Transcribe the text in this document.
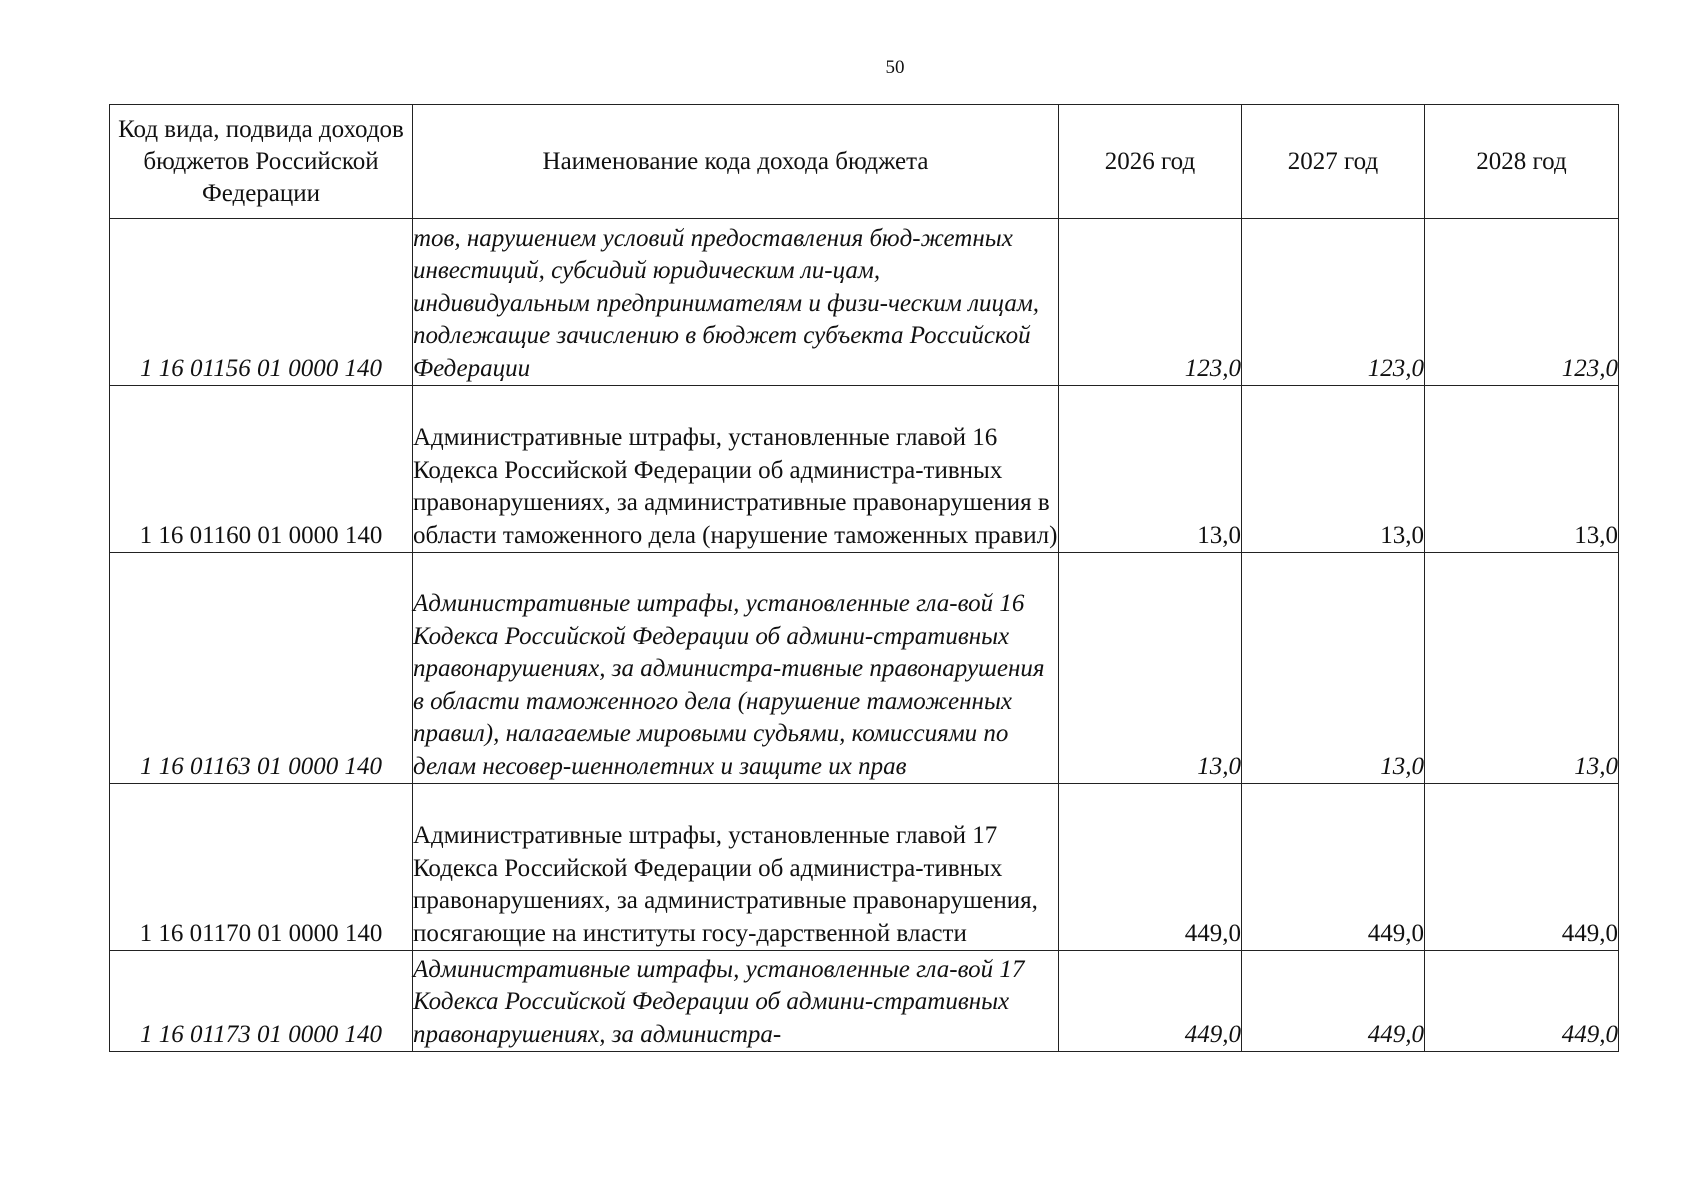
50
Код вида, подвида доходов бюджетов Российской Федерации	Наименование кода дохода бюджета	2026 год	2027 год	2028 год
1 16 01156 01 0000 140	тов, нарушением условий предоставления бюд-жетных инвестиций, субсидий юридическим ли-цам, индивидуальным предпринимателям и физи-ческим лицам, подлежащие зачислению в бюджет субъекта Российской Федерации	123,0	123,0	123,0
1 16 01160 01 0000 140	Административные штрафы, установленные главой 16 Кодекса Российской Федерации об администра-тивных правонарушениях, за административные правонарушения в области таможенного дела (нарушение таможенных правил)	13,0	13,0	13,0
1 16 01163 01 0000 140	Административные штрафы, установленные гла-вой 16 Кодекса Российской Федерации об админи-стративных правонарушениях, за администра-тивные правонарушения в области таможенного дела (нарушение таможенных правил), налагаемые мировыми судьями, комиссиями по делам несовер-шеннолетних и защите их прав	13,0	13,0	13,0
1 16 01170 01 0000 140	Административные штрафы, установленные главой 17 Кодекса Российской Федерации об администра-тивных правонарушениях, за административные правонарушения, посягающие на институты госу-дарственной власти	449,0	449,0	449,0
1 16 01173 01 0000 140	Административные штрафы, установленные гла-вой 17 Кодекса Российской Федерации об админи-стративных правонарушениях, за администра-	449,0	449,0	449,0
